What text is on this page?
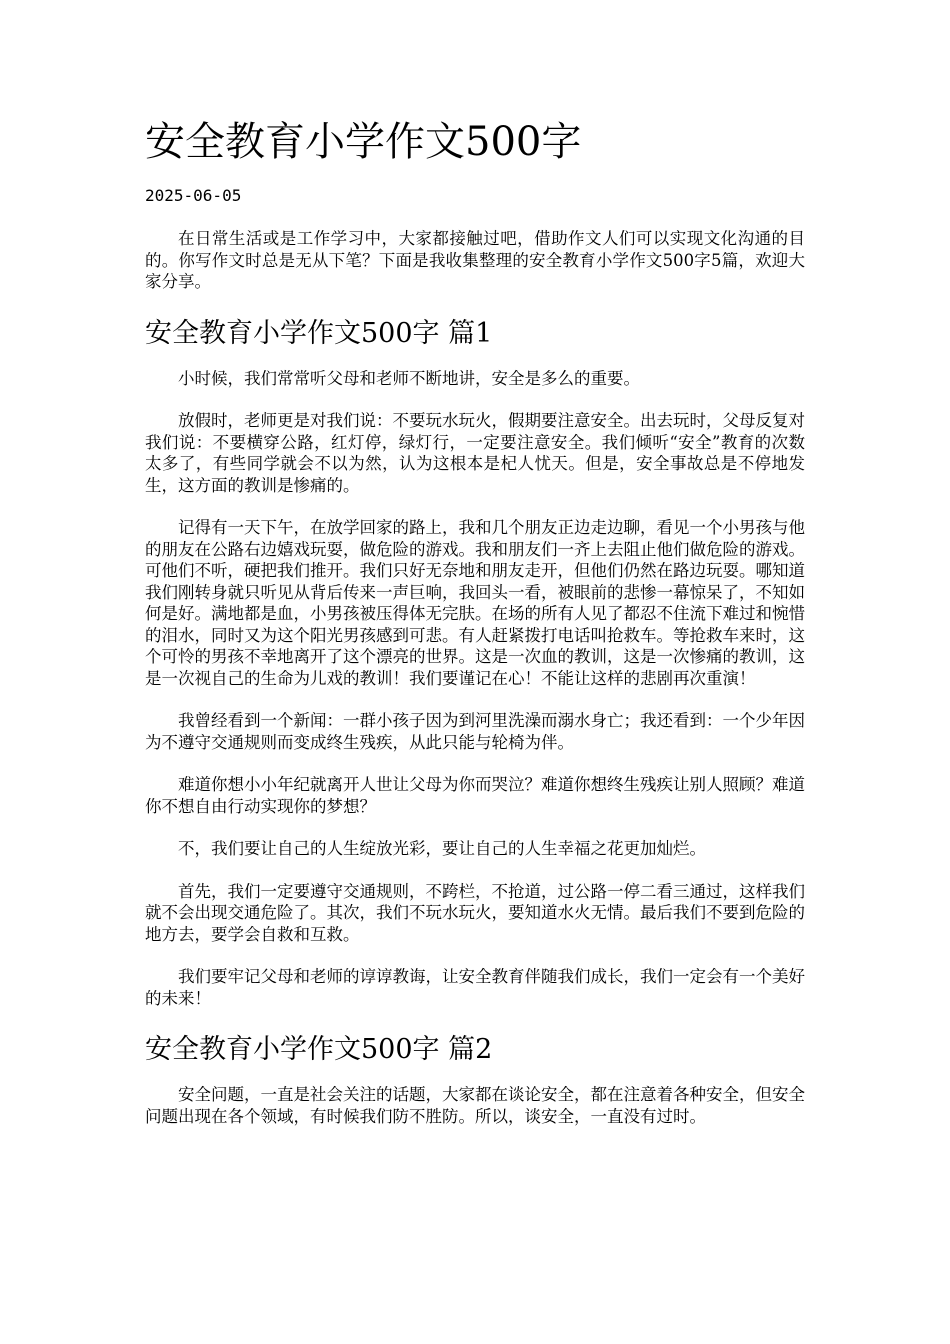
安全教育小学作文500字
2025-06-05

在日常生活或是工作学习中，大家都接触过吧，借助作文人们可以实现文化沟通的目的。你写作文时总是无从下笔？下面是我收集整理的安全教育小学作文500字5篇，欢迎大家分享。

安全教育小学作文500字 篇1

小时候，我们常常听父母和老师不断地讲，安全是多么的重要。

放假时，老师更是对我们说：不要玩水玩火，假期要注意安全。出去玩时，父母反复对我们说：不要横穿公路，红灯停，绿灯行，一定要注意安全。我们倾听“安全”教育的次数太多了，有些同学就会不以为然，认为这根本是杞人忧天。但是，安全事故总是不停地发生，这方面的教训是惨痛的。

记得有一天下午，在放学回家的路上，我和几个朋友正边走边聊，看见一个小男孩与他的朋友在公路右边嬉戏玩耍，做危险的游戏。我和朋友们一齐上去阻止他们做危险的游戏。可他们不听，硬把我们推开。我们只好无奈地和朋友走开，但他们仍然在路边玩耍。哪知道我们刚转身就只听见从背后传来一声巨响，我回头一看，被眼前的悲惨一幕惊呆了，不知如何是好。满地都是血，小男孩被压得体无完肤。在场的所有人见了都忍不住流下难过和惋惜的泪水，同时又为这个阳光男孩感到可悲。有人赶紧拨打电话叫抢救车。等抢救车来时，这个可怜的男孩不幸地离开了这个漂亮的世界。这是一次血的教训，这是一次惨痛的教训，这是一次视自己的生命为儿戏的教训！我们要谨记在心！不能让这样的悲剧再次重演！

我曾经看到一个新闻：一群小孩子因为到河里洗澡而溺水身亡；我还看到：一个少年因为不遵守交通规则而变成终生残疾，从此只能与轮椅为伴。

难道你想小小年纪就离开人世让父母为你而哭泣？难道你想终生残疾让别人照顾？难道你不想自由行动实现你的梦想？

不，我们要让自己的人生绽放光彩，要让自己的人生幸福之花更加灿烂。

首先，我们一定要遵守交通规则，不跨栏，不抢道，过公路一停二看三通过，这样我们就不会出现交通危险了。其次，我们不玩水玩火，要知道水火无情。最后我们不要到危险的地方去，要学会自救和互救。

我们要牢记父母和老师的谆谆教诲，让安全教育伴随我们成长，我们一定会有一个美好的未来！

安全教育小学作文500字 篇2

安全问题，一直是社会关注的话题，大家都在谈论安全，都在注意着各种安全，但安全问题出现在各个领域，有时候我们防不胜防。所以，谈安全，一直没有过时。
